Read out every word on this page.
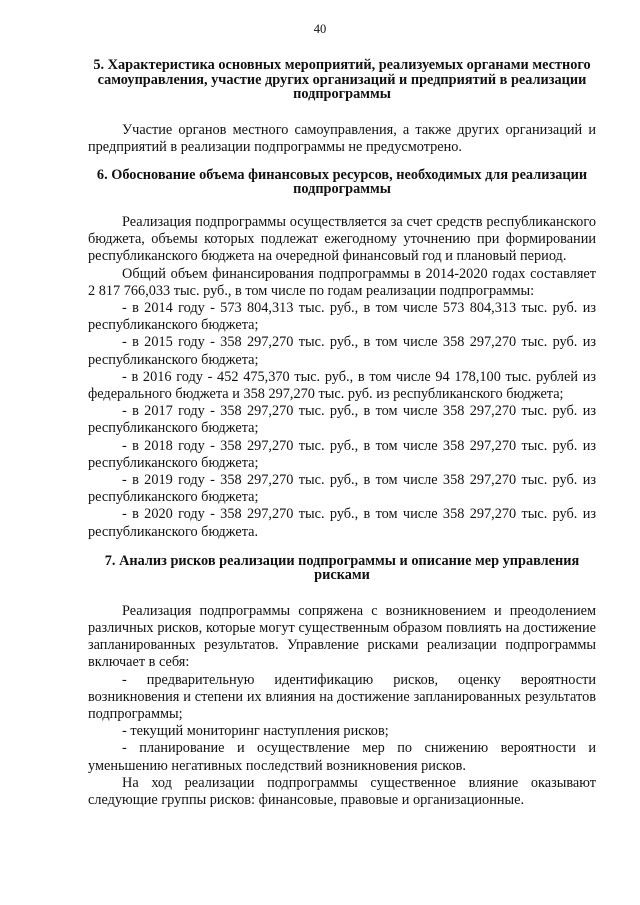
40
5. Характеристика основных мероприятий, реализуемых органами местного самоуправления, участие других организаций и предприятий в реализации подпрограммы

Участие органов местного самоуправления, а также других организаций и предприятий в реализации подпрограммы не предусмотрено.

6. Обоснование объема финансовых ресурсов, необходимых для реализации подпрограммы

Реализация подпрограммы осуществляется за счет средств республиканского бюджета, объемы которых подлежат ежегодному уточнению при формировании республиканского бюджета на очередной финансовый год и плановый период.

Общий объем финансирования подпрограммы в 2014-2020 годах составляет 2 817 766,033 тыс. руб., в том числе по годам реализации подпрограммы:

- в 2014 году - 573 804,313 тыс. руб., в том числе 573 804,313 тыс. руб. из республиканского бюджета;

- в 2015 году - 358 297,270 тыс. руб., в том числе 358 297,270 тыс. руб. из республиканского бюджета;

- в 2016 году - 452 475,370 тыс. руб., в том числе 94 178,100 тыс. рублей из федерального бюджета и 358 297,270 тыс. руб. из республиканского бюджета;

- в 2017 году - 358 297,270 тыс. руб., в том числе 358 297,270 тыс. руб. из республиканского бюджета;

- в 2018 году - 358 297,270 тыс. руб., в том числе 358 297,270 тыс. руб. из республиканского бюджета;

- в 2019 году - 358 297,270 тыс. руб., в том числе 358 297,270 тыс. руб. из республиканского бюджета;

- в 2020 году - 358 297,270 тыс. руб., в том числе 358 297,270 тыс. руб. из республиканского бюджета.

7. Анализ рисков реализации подпрограммы и описание мер управления рисками

Реализация подпрограммы сопряжена с возникновением и преодолением различных рисков, которые могут существенным образом повлиять на достижение запланированных результатов. Управление рисками реализации подпрограммы включает в себя:

- предварительную идентификацию рисков, оценку вероятности возникновения и степени их влияния на достижение запланированных результатов подпрограммы;

- текущий мониторинг наступления рисков;

- планирование и осуществление мер по снижению вероятности и уменьшению негативных последствий возникновения рисков.

На ход реализации подпрограммы существенное влияние оказывают следующие группы рисков: финансовые, правовые и организационные.
